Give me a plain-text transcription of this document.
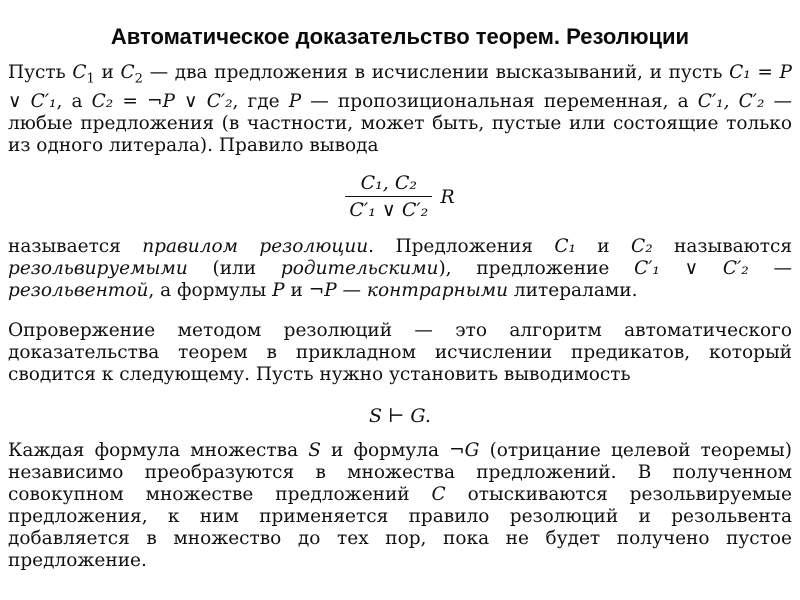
Автоматическое доказательство теорем. Резолюции

Пусть $C_1$ и $C_2$ — два предложения в исчислении высказываний, и пусть C₁ = P ∨ C′₁, а C₂ = ¬P ∨ C′₂, где P — пропозициональная переменная, а C′₁, C′₂ — любые предложения (в частности, может быть, пустые или состоящие только из одного литерала). Правило вывода

$\frac{\text{C₁, C₂}}{\text{C′₁ ∨ C′₂}}$ R

называется правилом резолюции. Предложения C₁ и C₂ называются резольвируемыми (или родительскими), предложение C′₁ ∨ C′₂ — резольвентой, а формулы P и ¬P — контрарными литералами.

Опровержение методом резолюций — это алгоритм автоматического доказательства теорем в прикладном исчислении предикатов, который сводится к следующему. Пусть нужно установить выводимость

S ⊢ G.

Каждая формула множества S и формула ¬G (отрицание целевой теоремы) независимо преобразуются в множества предложений. В полученном совокупном множестве предложений C отыскиваются резольвируемые предложения, к ним применяется правило резолюций и резольвента добавляется в множество до тех пор, пока не будет получено пустое предложение.
